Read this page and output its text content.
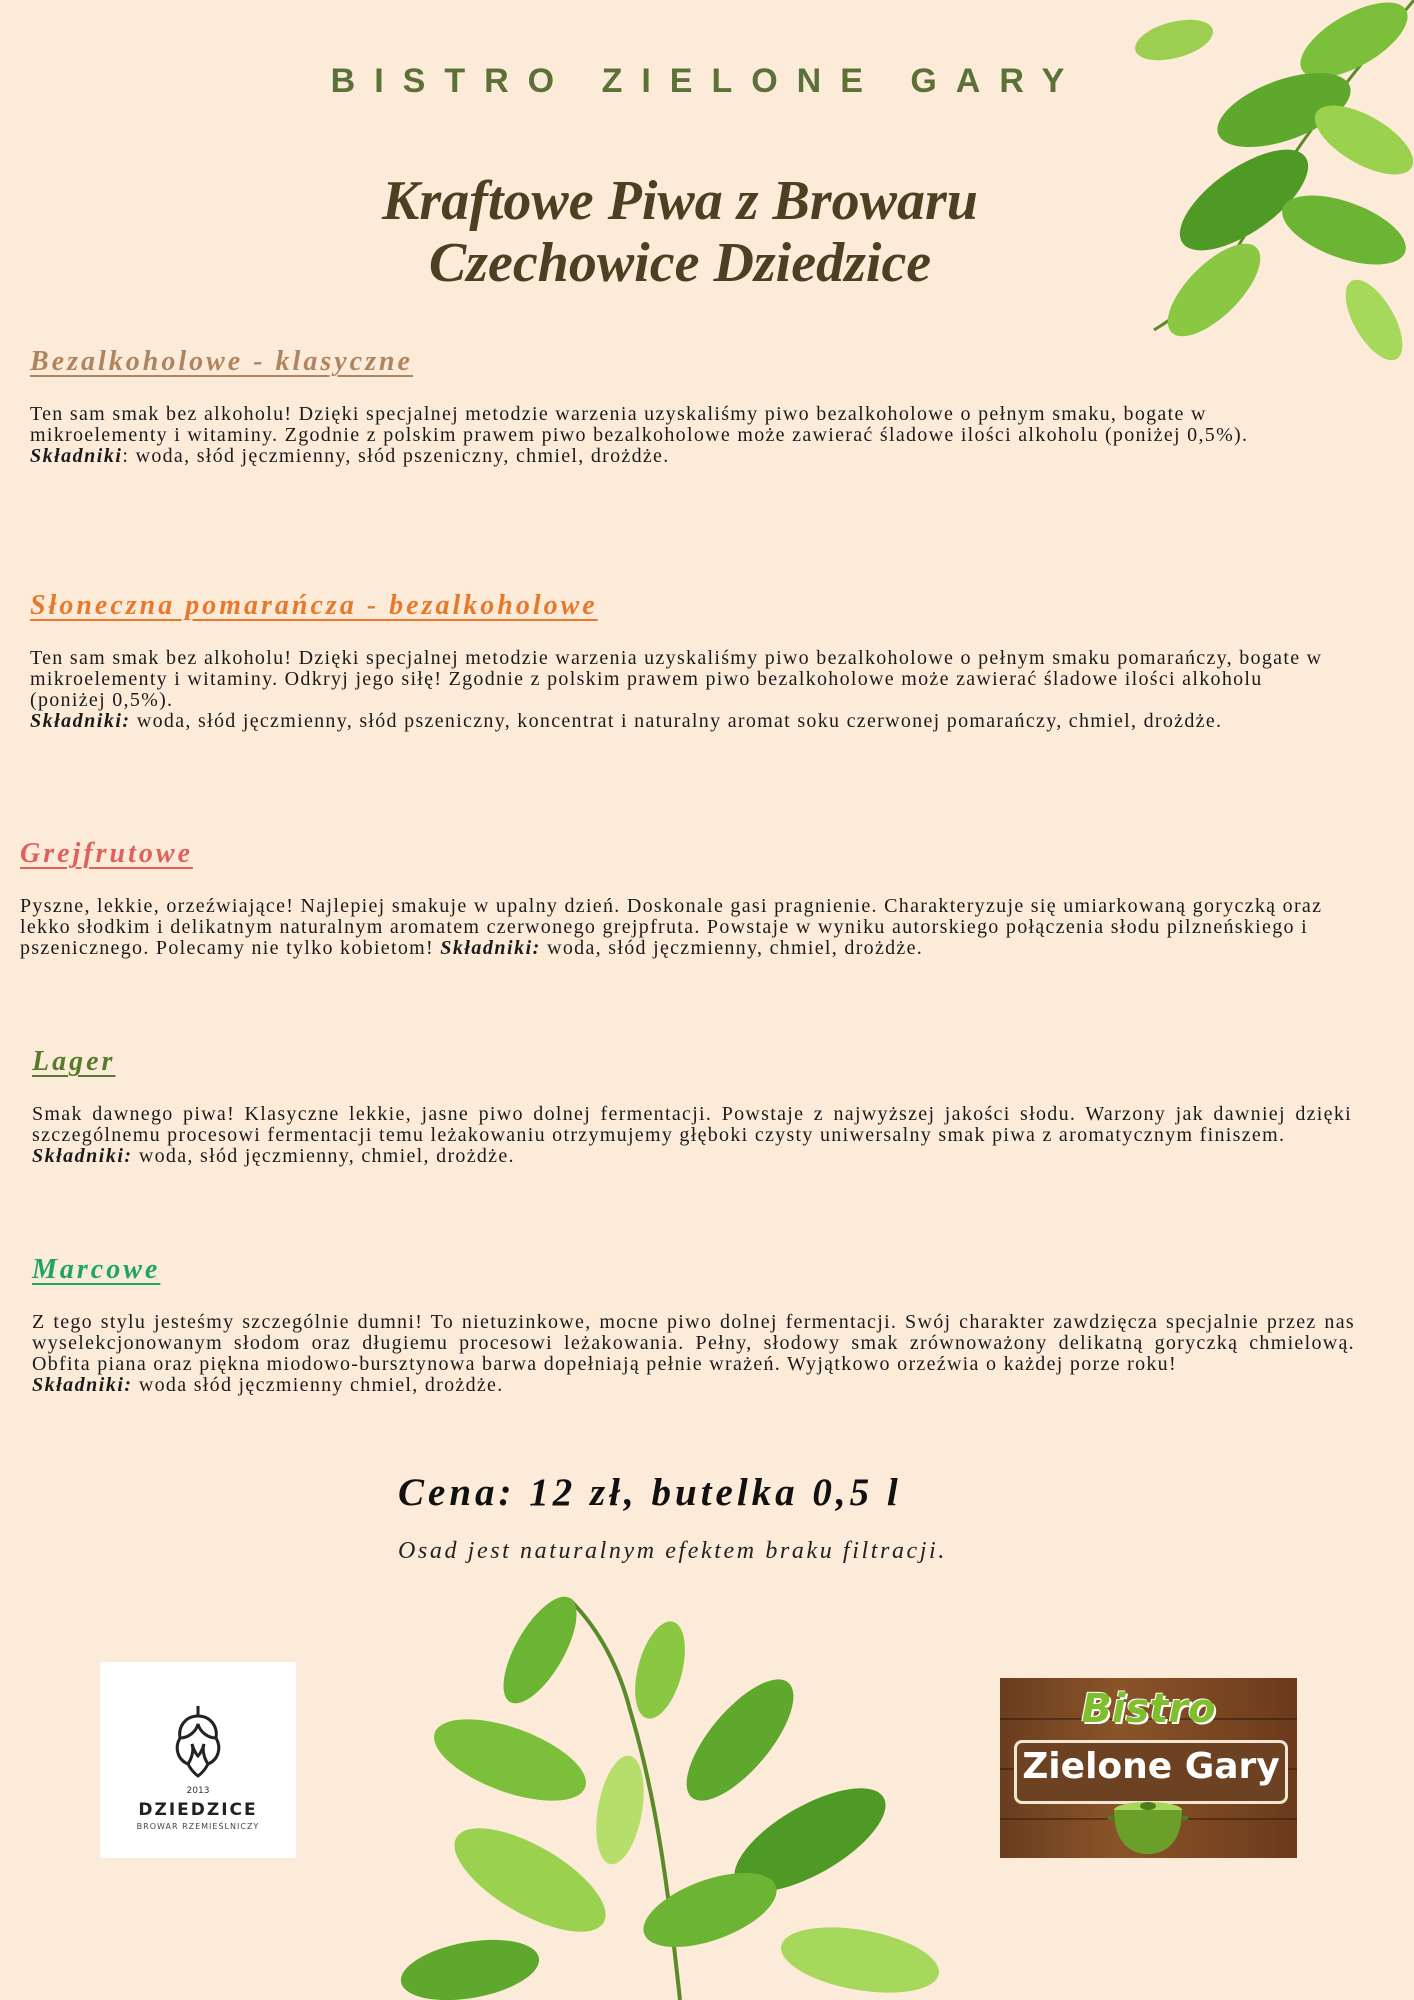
BISTRO ZIELONE GARY
Kraftowe Piwa z Browaru
Czechowice Dziedzice
Bezalkoholowe - klasyczne

Ten sam smak bez alkoholu! Dzięki specjalnej metodzie warzenia uzyskaliśmy piwo bezalkoholowe o pełnym smaku, bogate w mikroelementy i witaminy. Zgodnie z polskim prawem piwo bezalkoholowe może zawierać śladowe ilości alkoholu (poniżej 0,5%).
Składniki: woda, słód jęczmienny, słód pszeniczny, chmiel, drożdże.

Słoneczna pomarańcza - bezalkoholowe

Ten sam smak bez alkoholu! Dzięki specjalnej metodzie warzenia uzyskaliśmy piwo bezalkoholowe o pełnym smaku pomarańczy, bogate w mikroelementy i witaminy. Odkryj jego siłę! Zgodnie z polskim prawem piwo bezalkoholowe może zawierać śladowe ilości alkoholu (poniżej 0,5%).
Składniki: woda, słód jęczmienny, słód pszeniczny, koncentrat i naturalny aromat soku czerwonej pomarańczy, chmiel, drożdże.

Grejfrutowe

Pyszne, lekkie, orzeźwiające! Najlepiej smakuje w upalny dzień. Doskonale gasi pragnienie. Charakteryzuje się umiarkowaną goryczką oraz lekko słodkim i delikatnym naturalnym aromatem czerwonego grejpfruta. Powstaje w wyniku autorskiego połączenia słodu pilzneńskiego i pszenicznego. Polecamy nie tylko kobietom! Składniki: woda, słód jęczmienny, chmiel, drożdże.

Lager

Smak dawnego piwa! Klasyczne lekkie, jasne piwo dolnej fermentacji. Powstaje z najwyższej jakości słodu. Warzony jak dawniej dzięki szczególnemu procesowi fermentacji temu leżakowaniu otrzymujemy głęboki czysty uniwersalny smak piwa z aromatycznym finiszem.
Składniki: woda, słód jęczmienny, chmiel, drożdże.

Marcowe

Z tego stylu jesteśmy szczególnie dumni! To nietuzinkowe, mocne piwo dolnej fermentacji. Swój charakter zawdzięcza specjalnie przez nas wyselekcjonowanym słodom oraz długiemu procesowi leżakowania. Pełny, słodowy smak zrównoważony delikatną goryczką chmielową. Obfita piana oraz piękna miodowo-bursztynowa barwa dopełniają pełnie wrażeń. Wyjątkowo orzeźwia o każdej porze roku!
Składniki: woda słód jęczmienny chmiel, drożdże.

Cena: 12 zł, butelka 0,5 l
Osad jest naturalnym efektem braku filtracji.
2013
DZIEDZICE
BROWAR RZEMIEŚLNICZY
Bistro
Zielone Gary
